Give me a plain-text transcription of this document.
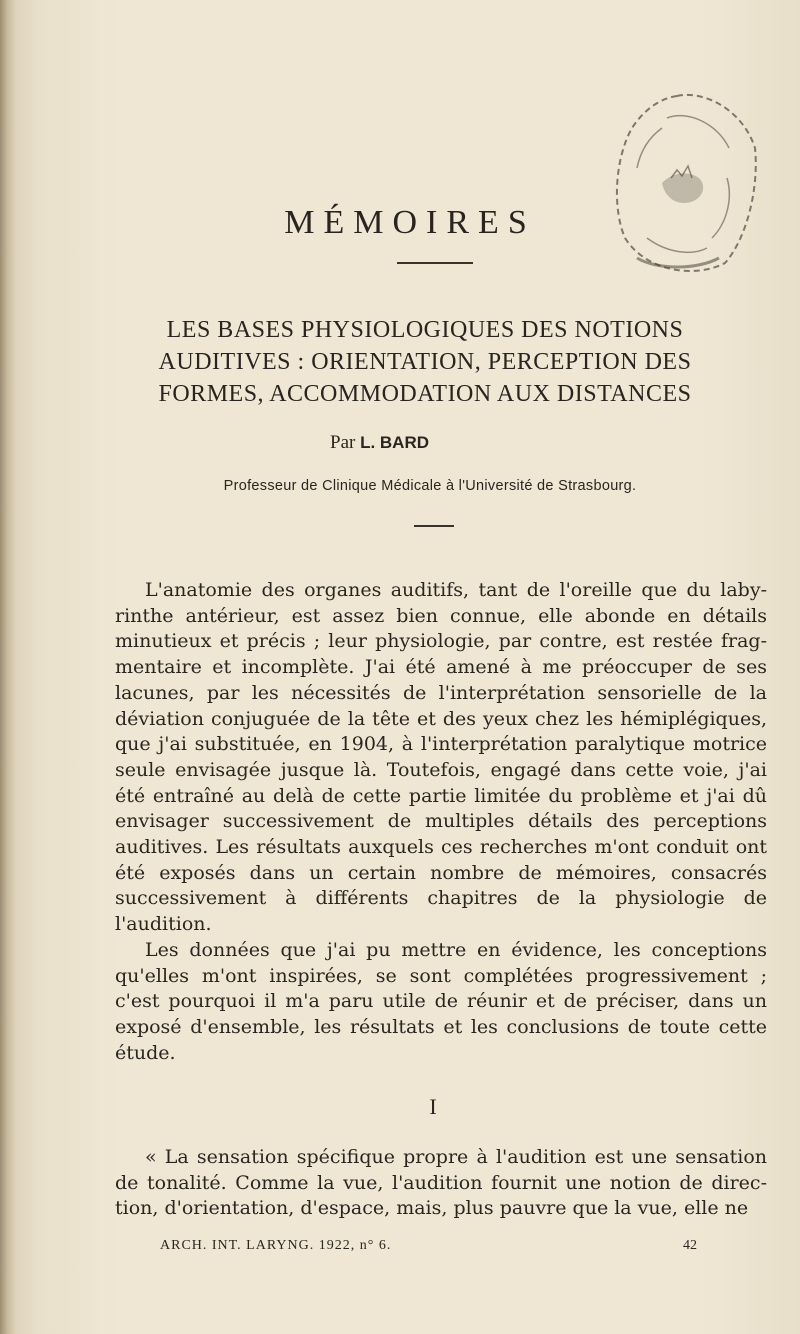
MÉMOIRES
LES BASES PHYSIOLOGIQUES DES NOTIONS
AUDITIVES : ORIENTATION, PERCEPTION DES
FORMES, ACCOMMODATION AUX DISTANCES
Par L. BARD
Professeur de Clinique Médicale à l'Université de Strasbourg.

L'anatomie des organes auditifs, tant de l'oreille que du labyrinthe antérieur, est assez bien connue, elle abonde en détails minutieux et précis ; leur physiologie, par contre, est restée fragmentaire et incomplète. J'ai été amené à me préoccuper de ses lacunes, par les nécessités de l'interprétation sensorielle de la déviation conjuguée de la tête et des yeux chez les hémiplégiques, que j'ai substituée, en 1904, à l'interprétation paralytique motrice seule envisagée jusque là. Toutefois, engagé dans cette voie, j'ai été entraîné au delà de cette partie limitée du problème et j'ai dû envisager successivement de multiples détails des perceptions auditives. Les résultats auxquels ces recherches m'ont conduit ont été exposés dans un certain nombre de mémoires, consacrés successivement à différents chapitres de la physiologie de l'audition.

Les données que j'ai pu mettre en évidence, les conceptions qu'elles m'ont inspirées, se sont complétées progressivement ; c'est pourquoi il m'a paru utile de réunir et de préciser, dans un exposé d'ensemble, les résultats et les conclusions de toute cette étude.

I

« La sensation spécifique propre à l'audition est une sensation de tonalité. Comme la vue, l'audition fournit une notion de direction, d'orientation, d'espace, mais, plus pauvre que la vue, elle ne

ARCH. INT. LARYNG. 1922, n° 6.	42
